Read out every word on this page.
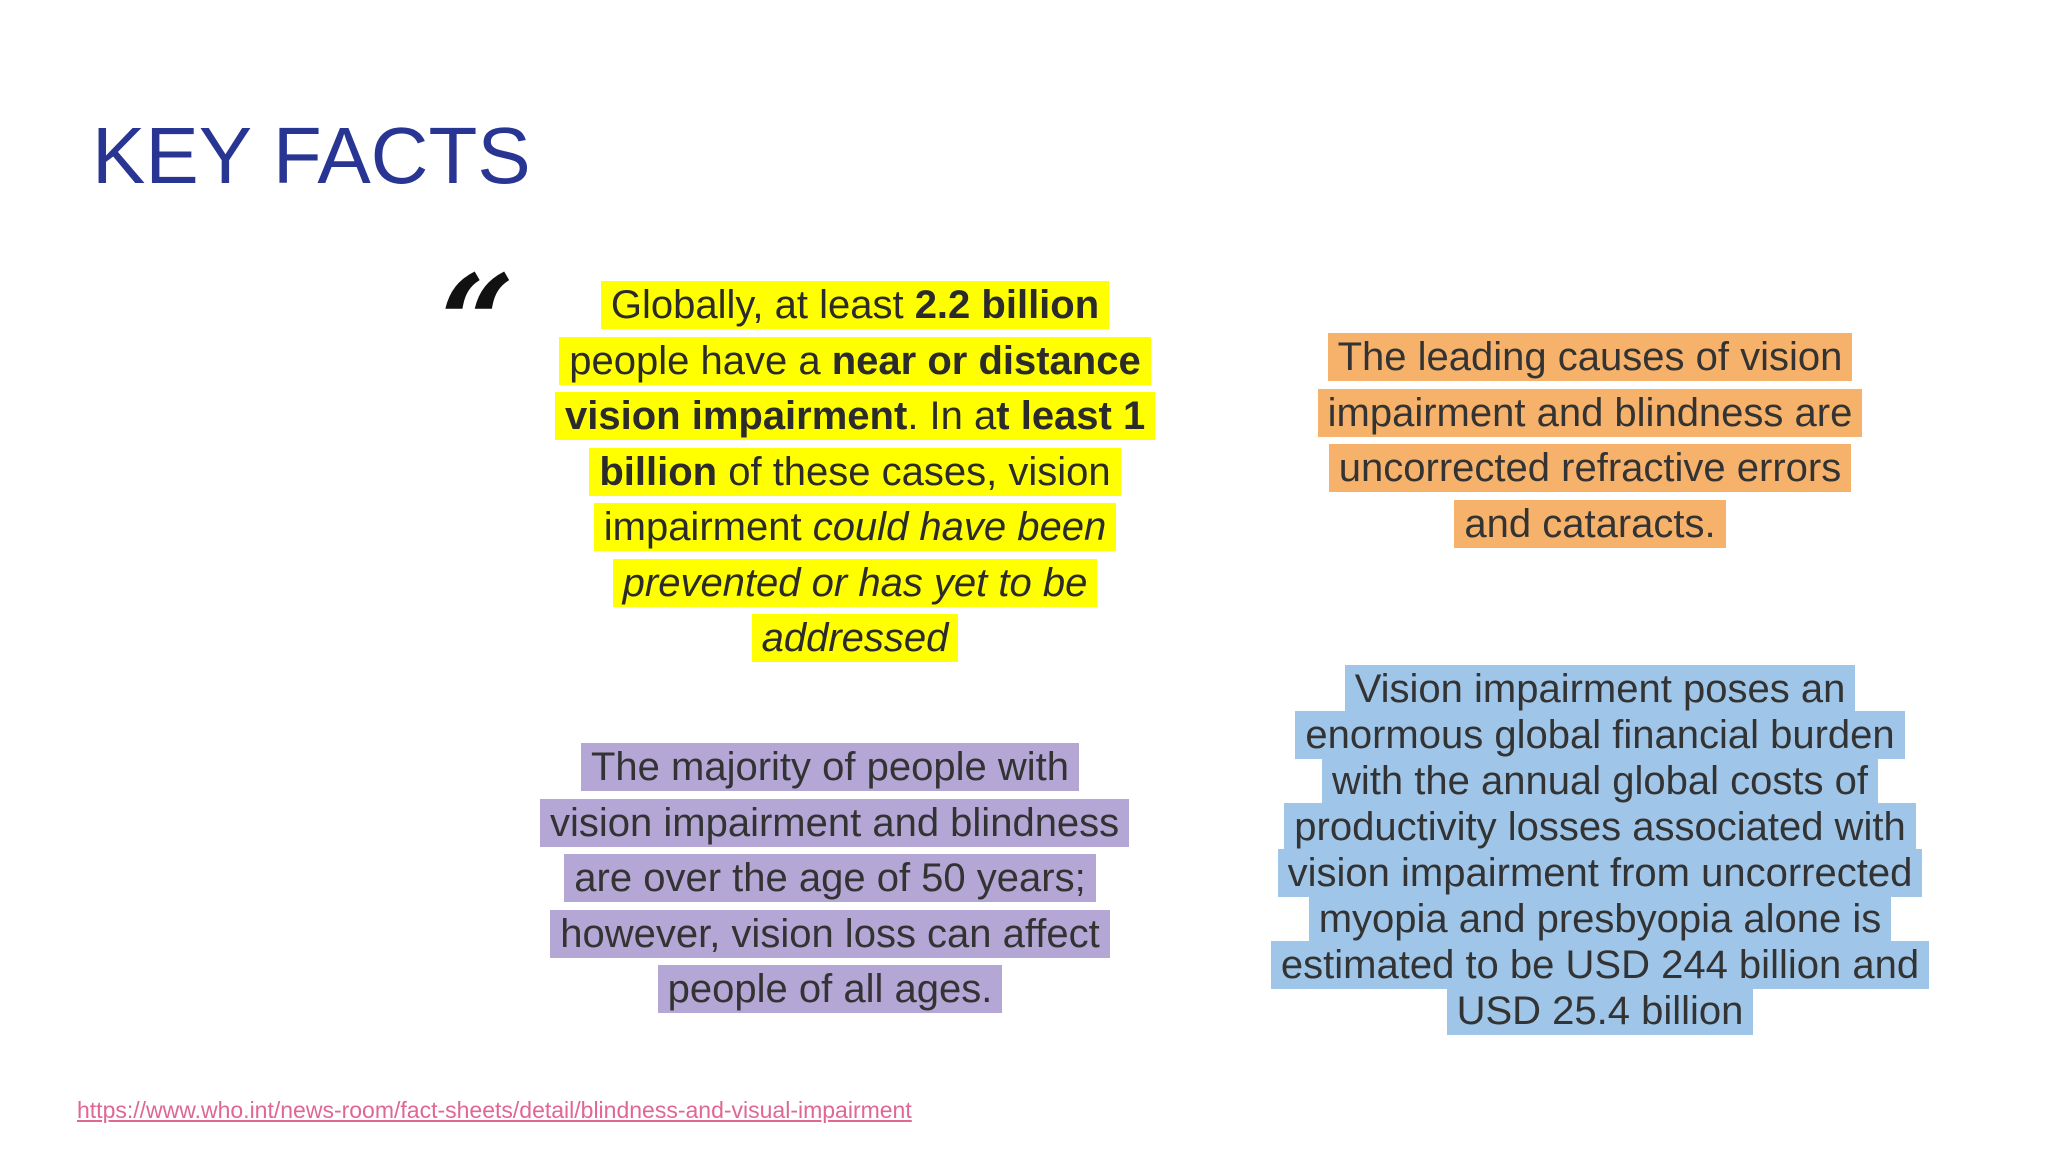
KEY FACTS
“	Globally, at least 2.2 billion people have a near or distance vision impairment. In at least 1 billion of these cases, vision impairment could have been prevented or has yet to be addressed

The leading causes of vision impairment and blindness are uncorrected refractive errors and cataracts.

The majority of people with vision impairment and blindness are over the age of 50 years; however, vision loss can affect people of all ages.

Vision impairment poses an enormous global financial burden with the annual global costs of productivity losses associated with vision impairment from uncorrected myopia and presbyopia alone is estimated to be USD 244 billion and USD 25.4 billion

https://www.who.int/news-room/fact-sheets/detail/blindness-and-visual-impairment
